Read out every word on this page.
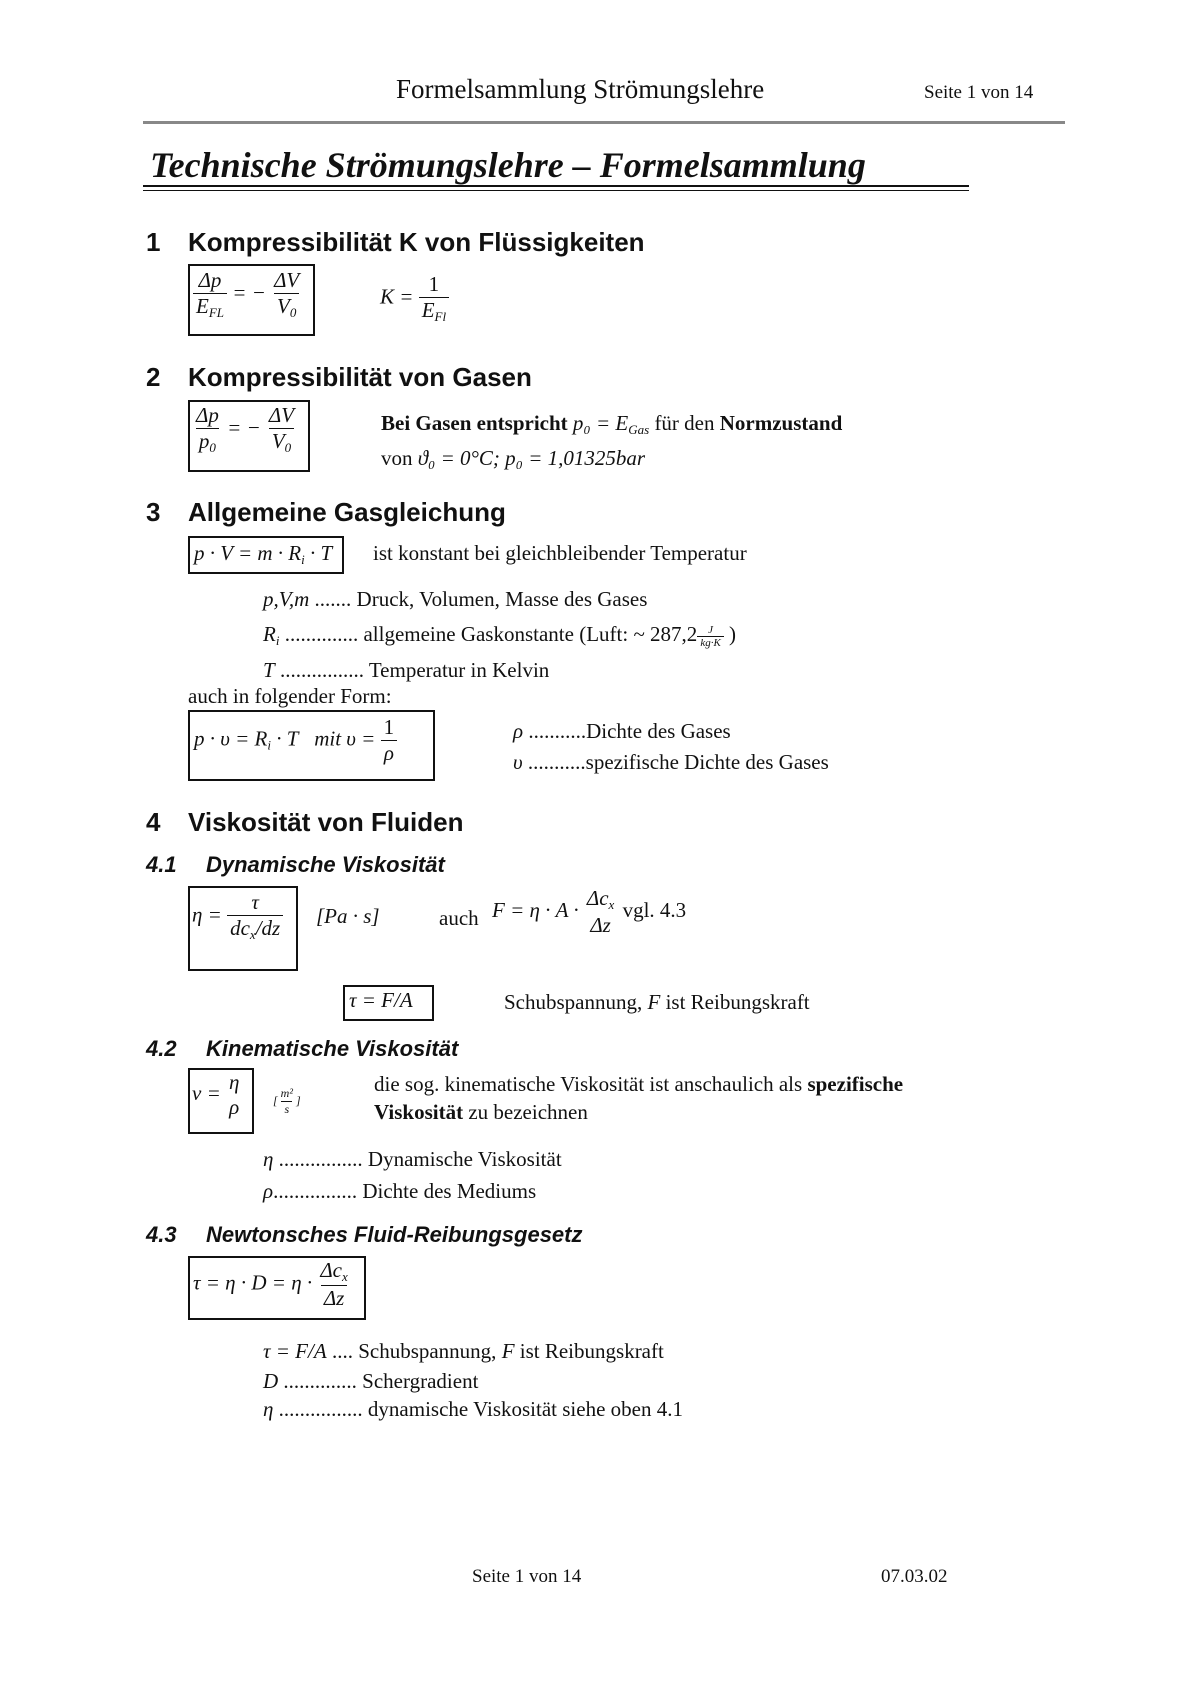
Formelsammlung Strömungslehre	Seite 1 von 14
Technische Strömungslehre – Formelsammlung
1 Kompressibilität K von Flüssigkeiten
$\frac{\Delta p}{E_{FL}}$ = − $\frac{\Delta V}{V_0}$	$K = \frac{1}{E_{Fl}}$
2 Kompressibilität von Gasen
$\frac{\Delta p}{p_0}$ = − $\frac{\Delta V}{V_0}$	Bei Gasen entspricht $p_0 = E_{Gas}$ für den Normzustand
von ϑ₀ = 0°C; p₀ = 1,01325bar
3 Allgemeine Gasgleichung
$p \cdot V = m \cdot R_i \cdot T$ ist konstant bei gleichbleibender Temperatur
p,V,m ....... Druck, Volumen, Masse des Gases
$R_i$ .............. allgemeine Gaskonstante (Luft: ~ $287,2 \frac{J}{kg\cdot K}$ )
T ................ Temperatur in Kelvin
auch in folgender Form:
$p \cdot \upsilon = R_i \cdot T$ mit $\upsilon = \frac{1}{\rho}$	ρ ...........Dichte des Gases
υ ...........spezifische Dichte des Gases
4 Viskosität von Fluiden
4.1 Dynamische Viskosität
$\eta = \frac{\tau}{dc_x/dz} [Pa \cdot s]$	auch $F = \eta \cdot A \cdot \Delta c_x$
Δz
vgl. 4.3
τ = F/A	Schubspannung, F ist Reibungskraft
4.2 Kinematische Viskosität
ν = η
ρ	[ $\frac{\text{m²}}{s}$ ]
die sog. kinematische Viskosität ist anschaulich als spezifische
Viskosität zu bezeichnen
η ................ Dynamische Viskosität
ρ................ Dichte des Mediums
4.3 Newtonsches Fluid-Reibungsgesetz
$\tau = \eta \cdot D = \eta \cdot \frac{\Delta c_x}{\Delta z}$
τ = F/A .... Schubspannung, F ist Reibungskraft
D .............. Schergradient
η ................ dynamische Viskosität siehe oben 4.1
Seite 1 von 14	07.03.02
